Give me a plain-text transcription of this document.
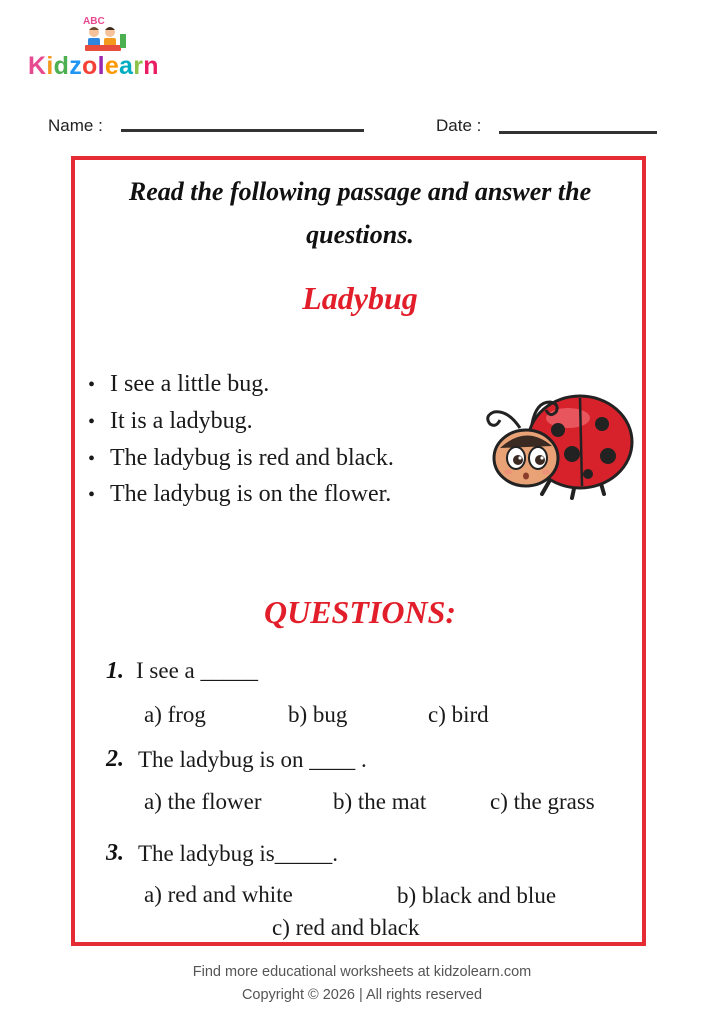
ABC
Kidzolearn
Name :	Date :
Read the following passage and answer the
questions.
Ladybug
• I see a little bug.
• It is a ladybug.
• The ladybug is red and black.
• The ladybug is on the flower.
QUESTIONS:
1. I see a _____
a) frog	b) bug	c) bird
2. The ladybug is on ____ .
a) the flower	b) the mat	c) the grass
3. The ladybug is_____.
a) red and white	b) black and blue
c) red and black
Find more educational worksheets at kidzolearn.com
Copyright © 2026 | All rights reserved
